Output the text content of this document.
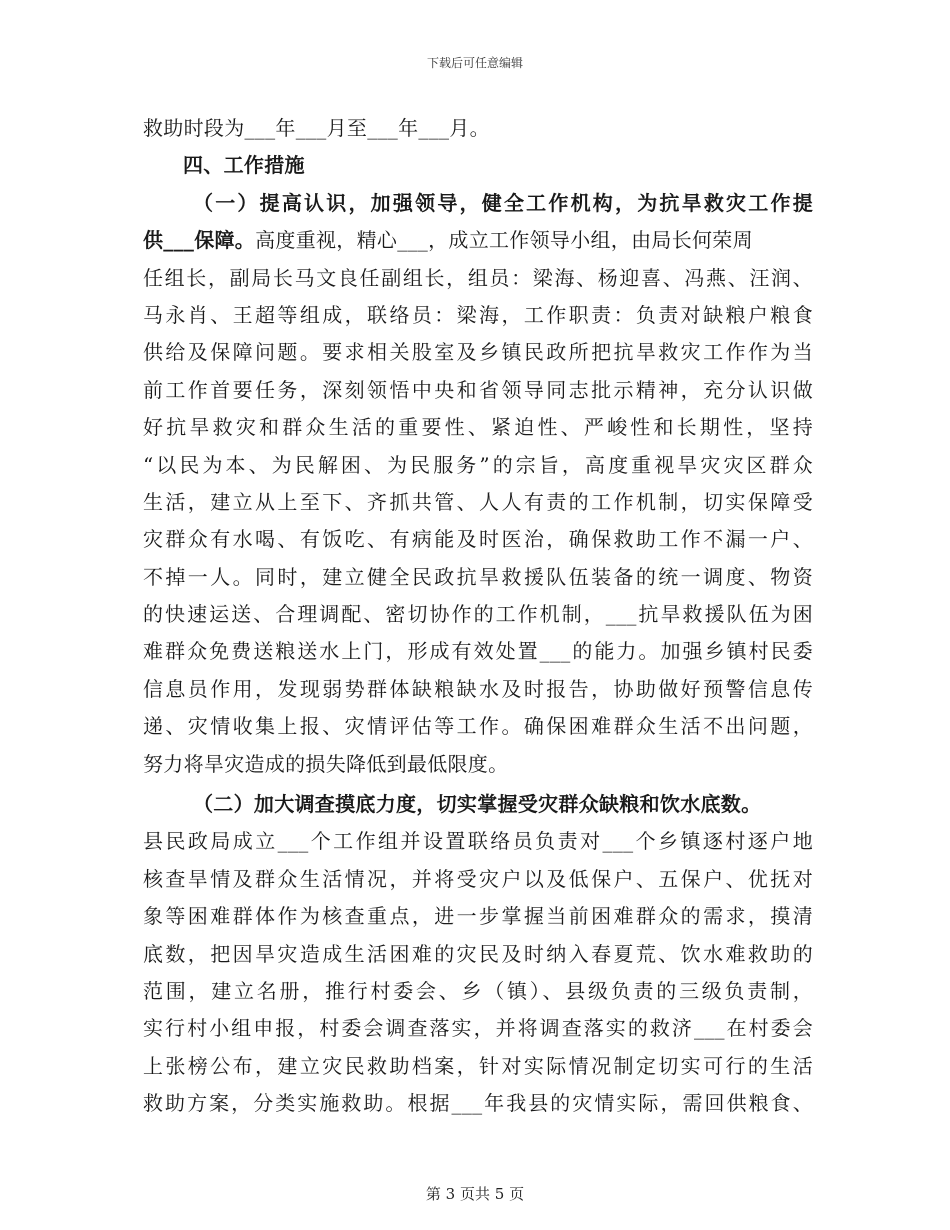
下载后可任意编辑
救助时段为___年___月至___年___月。
四、工作措施
（一）提高认识，加强领导，健全工作机构，为抗旱救灾工作提
供___保障。高度重视，精心___，成立工作领导小组，由局长何荣周
任组长，副局长马文良任副组长，组员：梁海、杨迎喜、冯燕、汪润、
马永肖、王超等组成，联络员：梁海，工作职责：负责对缺粮户粮食
供给及保障问题。要求相关股室及乡镇民政所把抗旱救灾工作作为当
前工作首要任务，深刻领悟中央和省领导同志批示精神，充分认识做
好抗旱救灾和群众生活的重要性、紧迫性、严峻性和长期性，坚持
“以民为本、为民解困、为民服务”的宗旨，高度重视旱灾灾区群众
生活，建立从上至下、齐抓共管、人人有责的工作机制，切实保障受
灾群众有水喝、有饭吃、有病能及时医治，确保救助工作不漏一户、
不掉一人。同时，建立健全民政抗旱救援队伍装备的统一调度、物资
的快速运送、合理调配、密切协作的工作机制，___抗旱救援队伍为困
难群众免费送粮送水上门，形成有效处置___的能力。加强乡镇村民委
信息员作用，发现弱势群体缺粮缺水及时报告，协助做好预警信息传
递、灾情收集上报、灾情评估等工作。确保困难群众生活不出问题，
努力将旱灾造成的损失降低到最低限度。
（二）加大调查摸底力度，切实掌握受灾群众缺粮和饮水底数。
县民政局成立___个工作组并设置联络员负责对___个乡镇逐村逐户地
核查旱情及群众生活情况，并将受灾户以及低保户、五保户、优抚对
象等困难群体作为核查重点，进一步掌握当前困难群众的需求，摸清
底数，把因旱灾造成生活困难的灾民及时纳入春夏荒、饮水难救助的
范围，建立名册，推行村委会、乡（镇）、县级负责的三级负责制，
实行村小组申报，村委会调查落实，并将调查落实的救济___在村委会
上张榜公布，建立灾民救助档案，针对实际情况制定切实可行的生活
救助方案，分类实施救助。根据___年我县的灾情实际，需回供粮食、
第 3 页共 5 页
